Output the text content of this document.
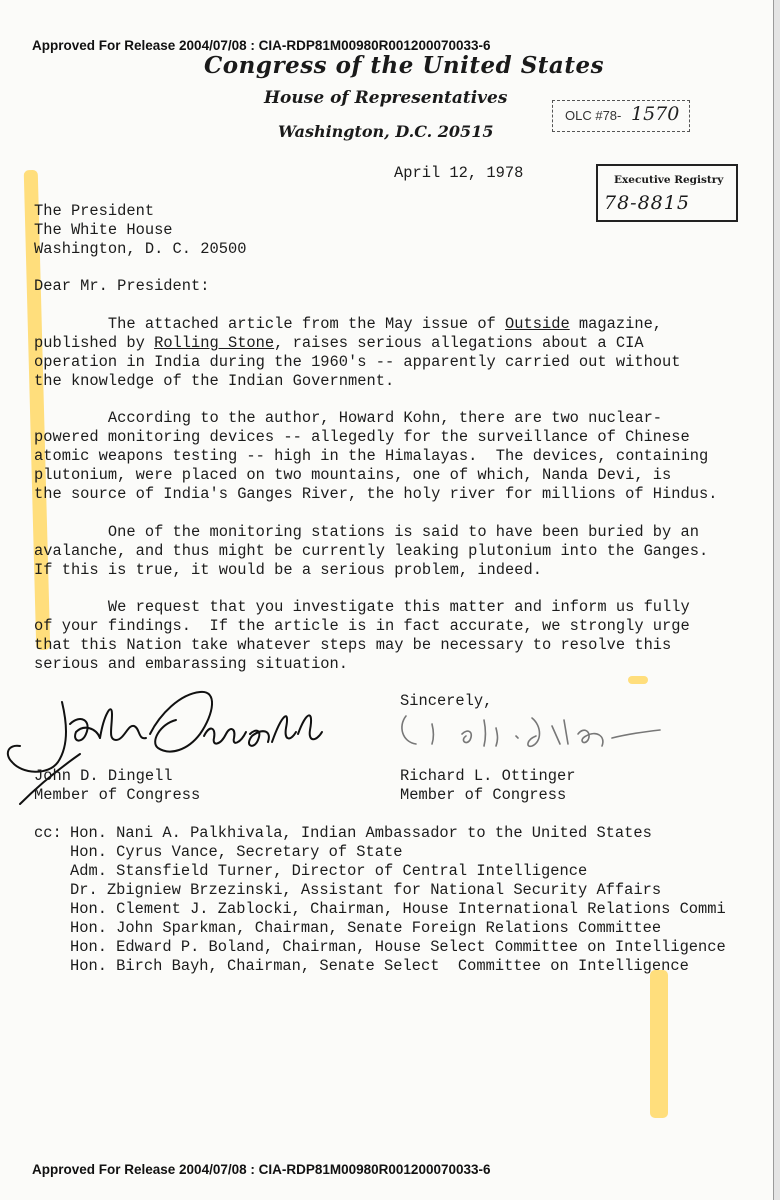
Approved For Release 2004/07/08 : CIA-RDP81M00980R001200070033-6
Congress of the United States
House of Representatives
Washington, D.C. 20515
OLC #78- 1570
Executive Registry
78-8815
April 12, 1978
The President
The White House
Washington, D. C. 20500
Dear Mr. President:
The attached article from the May issue of Outside magazine,
published by Rolling Stone, raises serious allegations about a CIA
operation in India during the 1960's -- apparently carried out without
the knowledge of the Indian Government.
According to the author, Howard Kohn, there are two nuclear-
powered monitoring devices -- allegedly for the surveillance of Chinese
atomic weapons testing -- high in the Himalayas.  The devices, containing
plutonium, were placed on two mountains, one of which, Nanda Devi, is
the source of India's Ganges River, the holy river for millions of Hindus.
One of the monitoring stations is said to have been buried by an
avalanche, and thus might be currently leaking plutonium into the Ganges.
If this is true, it would be a serious problem, indeed.
We request that you investigate this matter and inform us fully
of your findings.  If the article is in fact accurate, we strongly urge
that this Nation take whatever steps may be necessary to resolve this
serious and embarassing situation.
Sincerely,
John D. Dingell
Member of Congress
Richard L. Ottinger
Member of Congress
cc: Hon. Nani A. Palkhivala, Indian Ambassador to the United States
Hon. Cyrus Vance, Secretary of State
Adm. Stansfield Turner, Director of Central Intelligence
Dr. Zbigniew Brzezinski, Assistant for National Security Affairs
Hon. Clement J. Zablocki, Chairman, House International Relations Commi
Hon. John Sparkman, Chairman, Senate Foreign Relations Committee
Hon. Edward P. Boland, Chairman, House Select Committee on Intelligence
Hon. Birch Bayh, Chairman, Senate Select  Committee on Intelligence
Approved For Release 2004/07/08 : CIA-RDP81M00980R001200070033-6
